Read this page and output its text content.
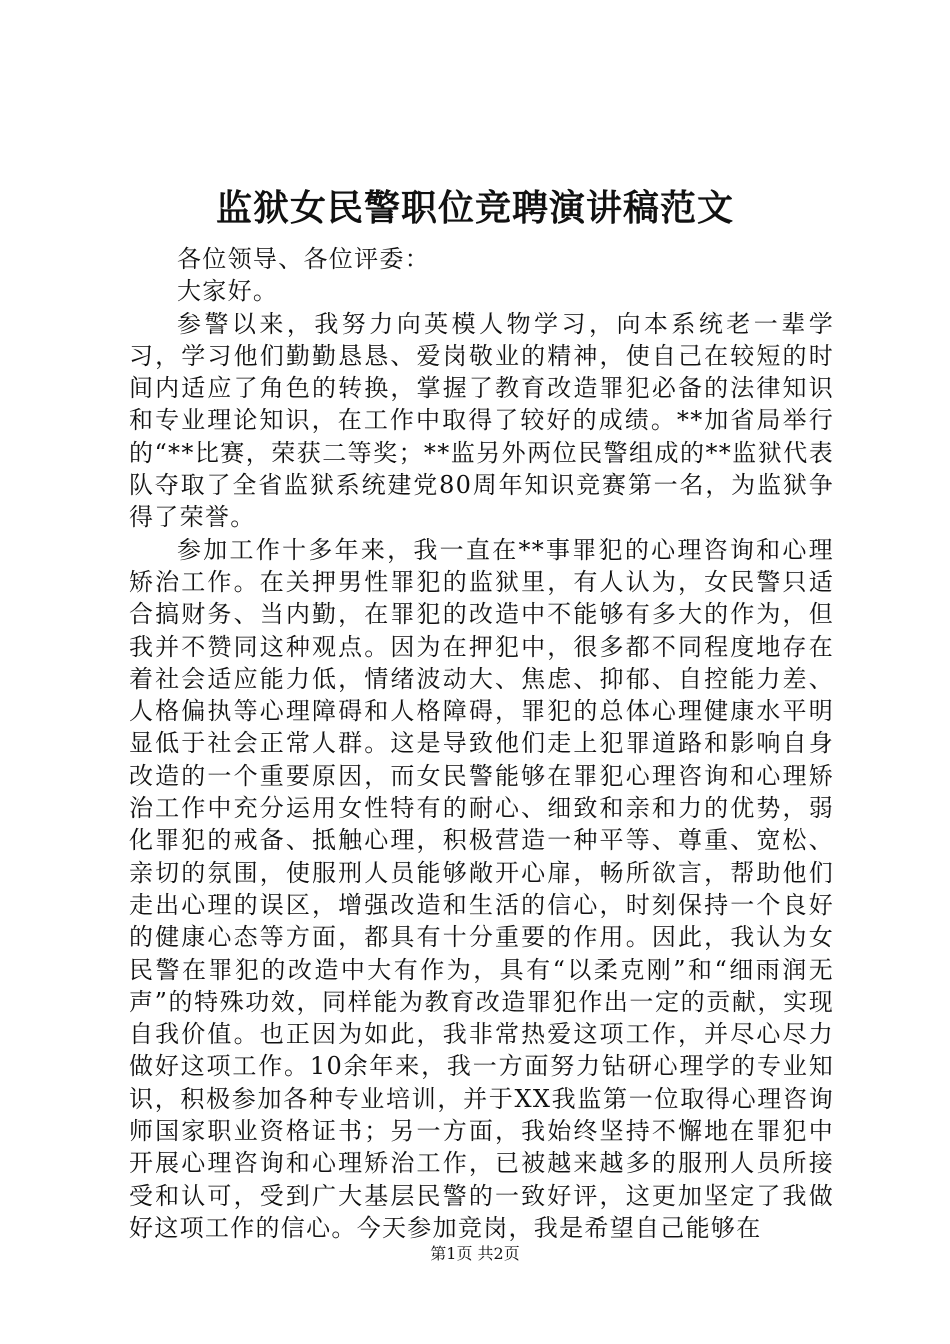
监狱女民警职位竞聘演讲稿范文

各位领导、各位评委：

大家好。

参警以来，我努力向英模人物学习，向本系统老一辈学习，学习他们勤勤恳恳、爱岗敬业的精神，使自己在较短的时间内适应了角色的转换，掌握了教育改造罪犯必备的法律知识和专业理论知识，在工作中取得了较好的成绩。**加省局举行的“**比赛，荣获二等奖；**监另外两位民警组成的**监狱代表队夺取了全省监狱系统建党80周年知识竞赛第一名，为监狱争得了荣誉。

参加工作十多年来，我一直在**事罪犯的心理咨询和心理矫治工作。在关押男性罪犯的监狱里，有人认为，女民警只适合搞财务、当内勤，在罪犯的改造中不能够有多大的作为，但我并不赞同这种观点。因为在押犯中，很多都不同程度地存在着社会适应能力低，情绪波动大、焦虑、抑郁、自控能力差、人格偏执等心理障碍和人格障碍，罪犯的总体心理健康水平明显低于社会正常人群。这是导致他们走上犯罪道路和影响自身改造的一个重要原因，而女民警能够在罪犯心理咨询和心理矫治工作中充分运用女性特有的耐心、细致和亲和力的优势，弱化罪犯的戒备、抵触心理，积极营造一种平等、尊重、宽松、亲切的氛围，使服刑人员能够敞开心扉，畅所欲言，帮助他们走出心理的误区，增强改造和生活的信心，时刻保持一个良好的健康心态等方面，都具有十分重要的作用。因此，我认为女民警在罪犯的改造中大有作为，具有“以柔克刚”和“细雨润无声”的特殊功效，同样能为教育改造罪犯作出一定的贡献，实现自我价值。也正因为如此，我非常热爱这项工作，并尽心尽力做好这项工作。10余年来，我一方面努力钻研心理学的专业知识，积极参加各种专业培训，并于XX我监第一位取得心理咨询师国家职业资格证书；另一方面，我始终坚持不懈地在罪犯中开展心理咨询和心理矫治工作，已被越来越多的服刑人员所接受和认可，受到广大基层民警的一致好评，这更加坚定了我做好这项工作的信心。今天参加竞岗，我是希望自己能够在

第1页 共2页
